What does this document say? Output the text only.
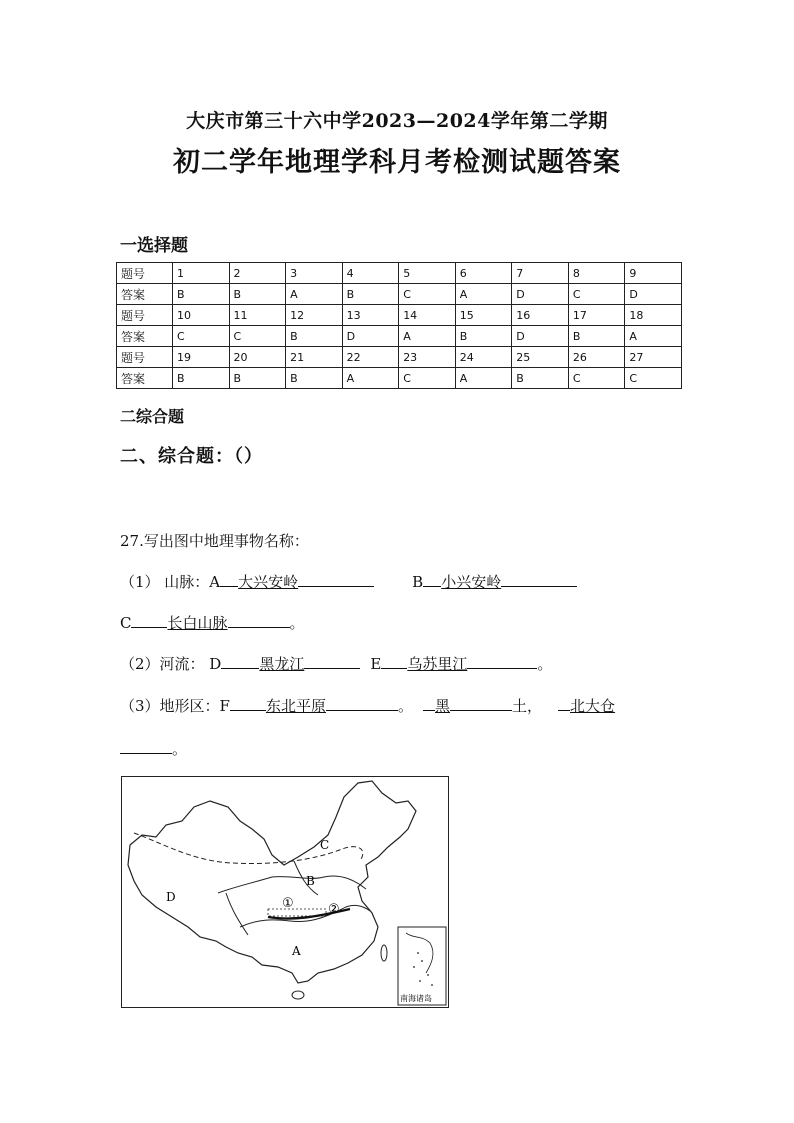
大庆市第三十六中学2023—2024学年第二学期
初二学年地理学科月考检测试题答案
一选择题
题号	1	2	3	4	5	6	7	8	9
答案	B	B	A	B	C	A	D	C	D
题号	10	11	12	13	14	15	16	17	18
答案	C	C	B	D	A	B	D	B	A
题号	19	20	21	22	23	24	25	26	27
答案	B	B	B	A	C	A	B	C	C
二综合题
二、综合题：（）
27.写出图中地理事物名称：
（1） 山脉：A 大兴安岭	B 小兴安岭
C 长白山脉	。
（2）河流： D	黑龙江	E 乌苏里江	。
（3）地形区：F 东北平原	。 黑	土， 北大仓
。
A
B
C
D	①	②
南海诸岛
